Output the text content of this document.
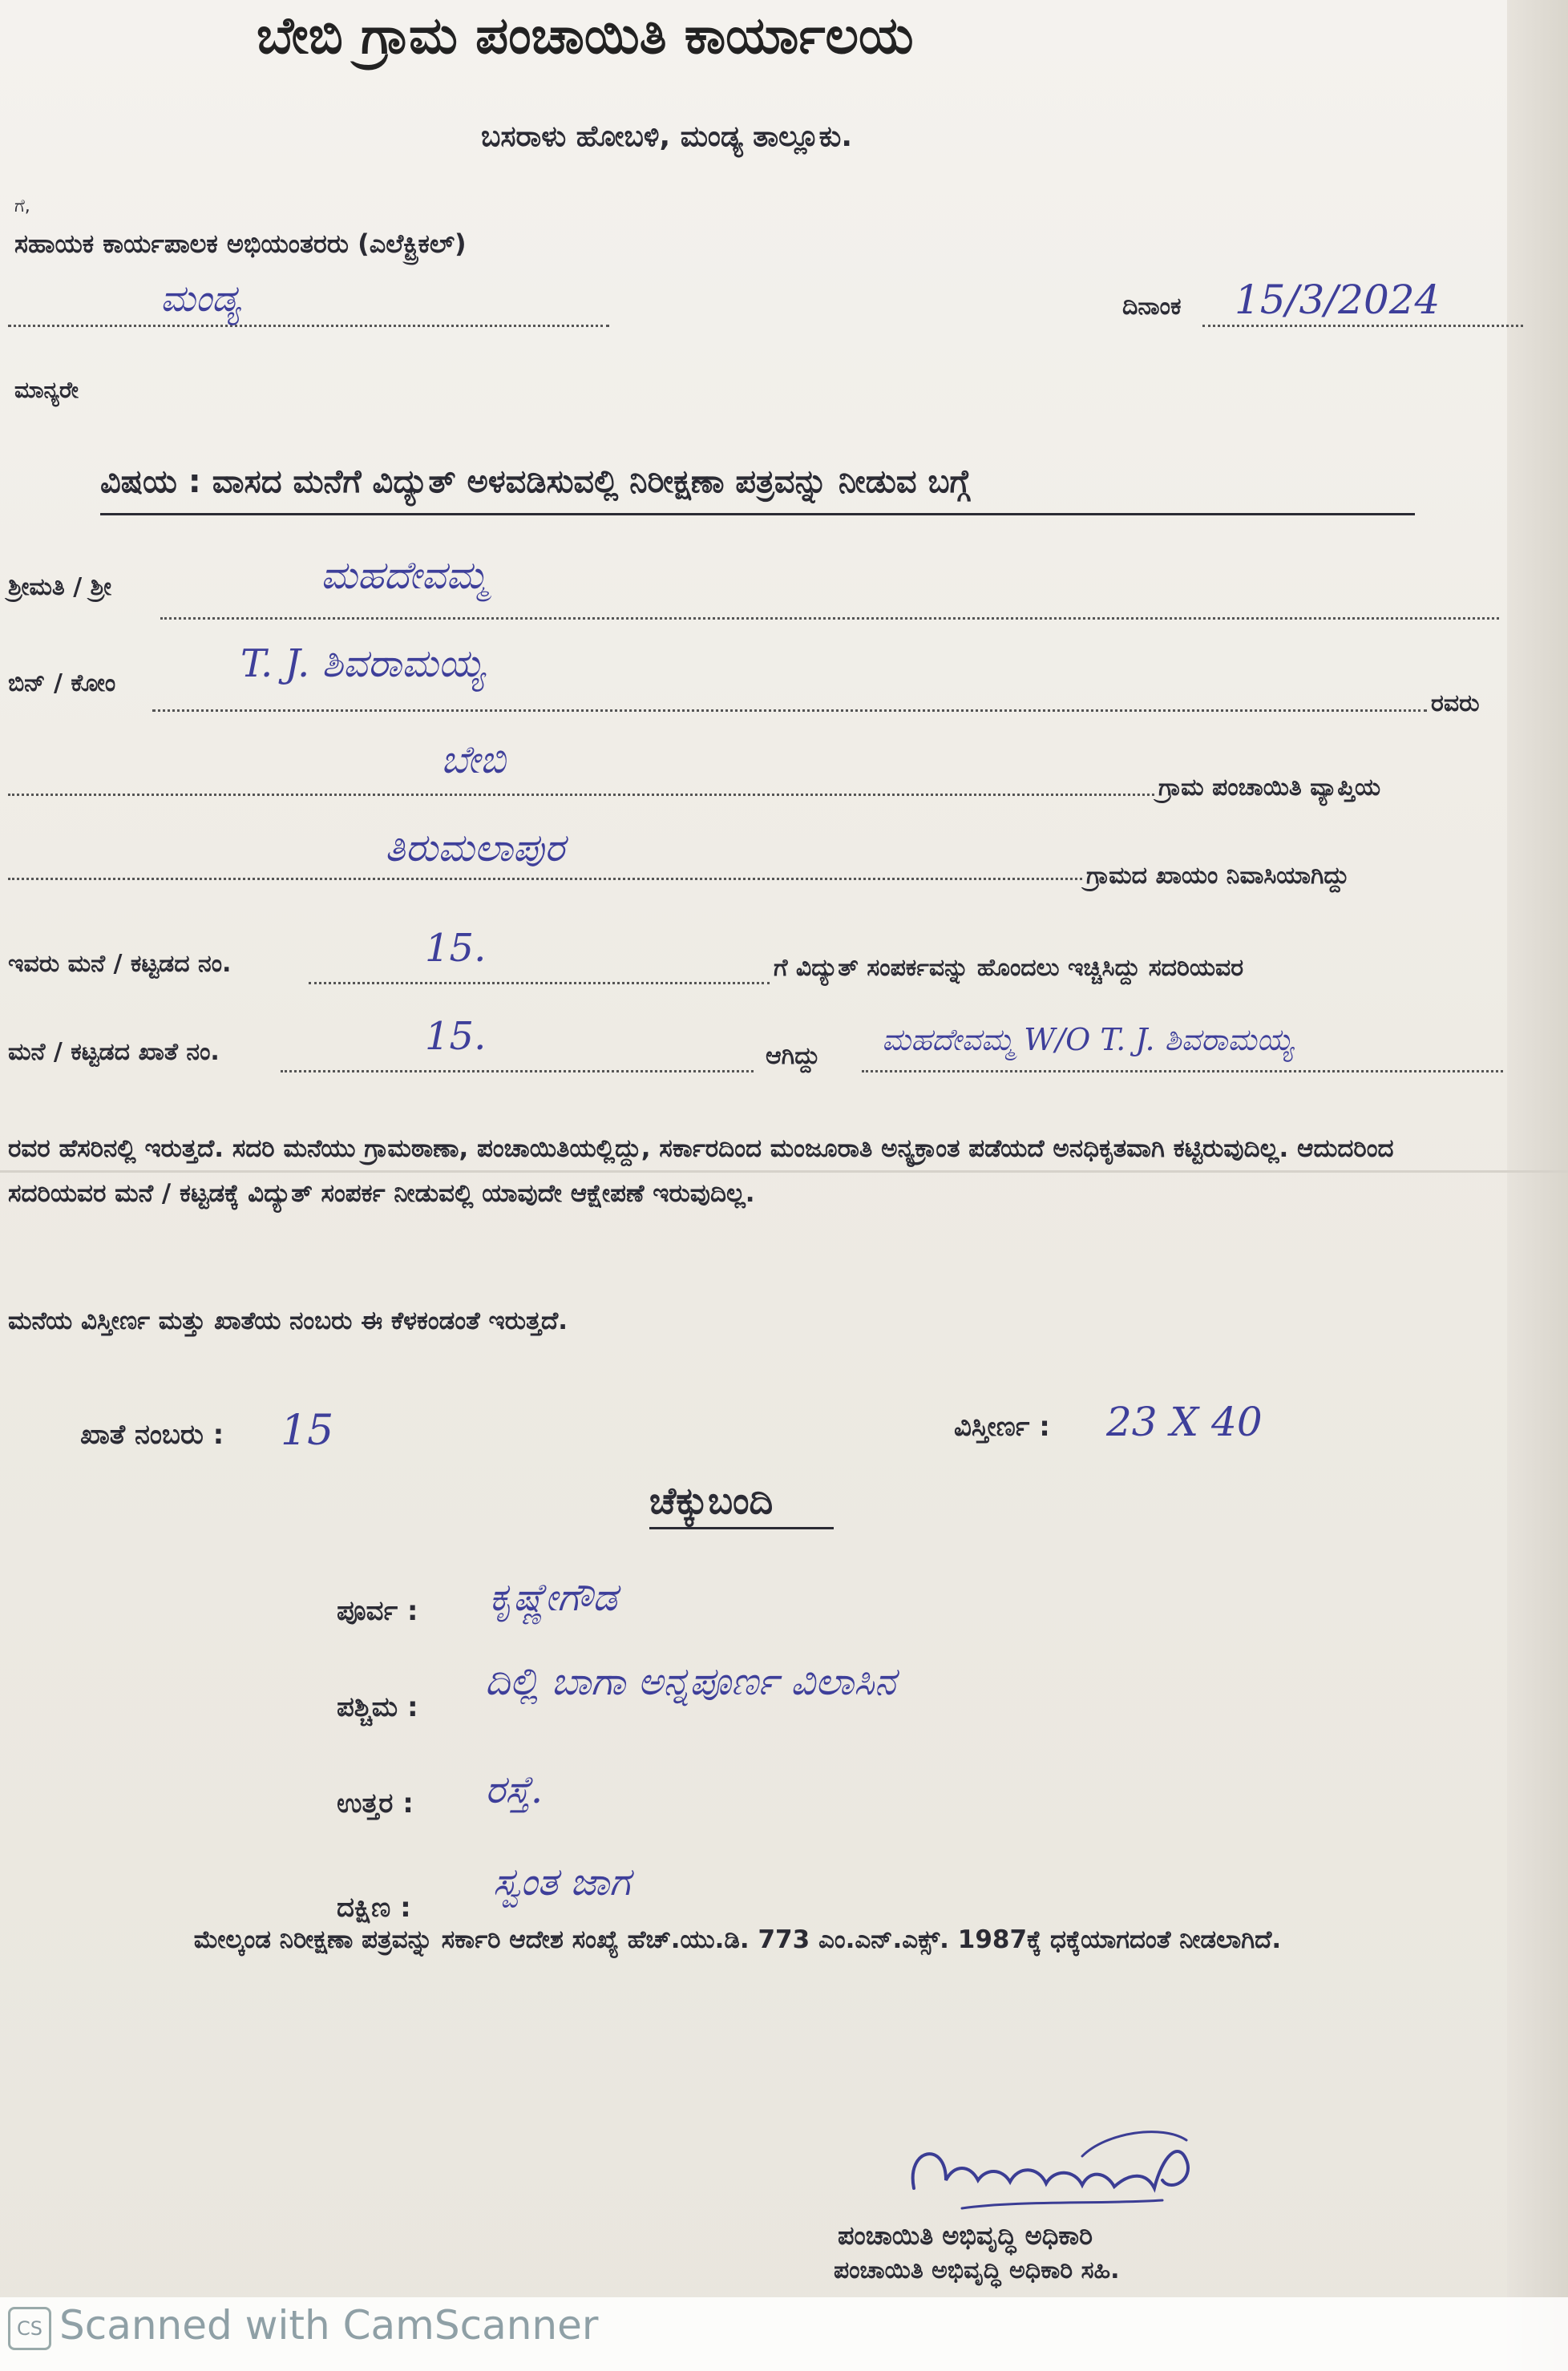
ಬೇಬಿ ಗ್ರಾಮ ಪಂಚಾಯಿತಿ ಕಾರ್ಯಾಲಯ
ಬಸರಾಳು ಹೋಬಳಿ, ಮಂಡ್ಯ ತಾಲ್ಲೂಕು.
ಗೆ,
ಸಹಾಯಕ ಕಾರ್ಯಪಾಲಕ ಅಭಿಯಂತರರು (ಎಲೆಕ್ಟ್ರಿಕಲ್)
ಮಂಡ್ಯ	ದಿನಾಂಕ 15/3/2024
ಮಾನ್ಯರೇ
ವಿಷಯ : ವಾಸದ ಮನೆಗೆ ವಿದ್ಯುತ್ ಅಳವಡಿಸುವಲ್ಲಿ ನಿರೀಕ್ಷಣಾ ಪತ್ರವನ್ನು ನೀಡುವ ಬಗ್ಗೆ
ಶ್ರೀಮತಿ / ಶ್ರೀ	ಮಹದೇವಮ್ಮ
ಬಿನ್ / ಕೋಂ	T. J. ಶಿವರಾಮಯ್ಯ
ರವರು
ಬೇಬಿ
ಗ್ರಾಮ ಪಂಚಾಯಿತಿ ವ್ಯಾಪ್ತಿಯ
ತಿರುಮಲಾಪುರ
ಗ್ರಾಮದ ಖಾಯಂ ನಿವಾಸಿಯಾಗಿದ್ದು
ಇವರು ಮನೆ / ಕಟ್ಟಡದ ನಂ.	15.	ಗೆ ವಿದ್ಯುತ್ ಸಂಪರ್ಕವನ್ನು ಹೊಂದಲು ಇಚ್ಚಿಸಿದ್ದು ಸದರಿಯವರ
ಮನೆ / ಕಟ್ಟಡದ ಖಾತೆ ನಂ.	15.	ಆಗಿದ್ದು ಮಹದೇವಮ್ಮ W/O T. J. ಶಿವರಾಮಯ್ಯ
ರವರ ಹೆಸರಿನಲ್ಲಿ ಇರುತ್ತದೆ. ಸದರಿ ಮನೆಯು ಗ್ರಾಮಠಾಣಾ, ಪಂಚಾಯಿತಿಯಲ್ಲಿದ್ದು, ಸರ್ಕಾರದಿಂದ ಮಂಜೂರಾತಿ ಅನ್ಯಕ್ರಾಂತ ಪಡೆಯದೆ ಅನಧಿಕೃತವಾಗಿ ಕಟ್ಟಿರುವುದಿಲ್ಲ. ಆದುದರಿಂದ ಸದರಿಯವರ ಮನೆ / ಕಟ್ಟಡಕ್ಕೆ ವಿದ್ಯುತ್ ಸಂಪರ್ಕ ನೀಡುವಲ್ಲಿ ಯಾವುದೇ ಆಕ್ಷೇಪಣೆ ಇರುವುದಿಲ್ಲ.
ಮನೆಯ ವಿಸ್ತೀರ್ಣ ಮತ್ತು ಖಾತೆಯ ನಂಬರು ಈ ಕೆಳಕಂಡಂತೆ ಇರುತ್ತದೆ.
ಖಾತೆ ನಂಬರು : 15	ವಿಸ್ತೀರ್ಣ : 23 X 40
ಚೆಕ್ಕುಬಂದಿ
ಪೂರ್ವ : ಕೃಷ್ಣೇಗೌಡ
ಪಶ್ಚಿಮ :
ದಿಲ್ಲಿ ಬಾಗಾ ಅನ್ನಪೂರ್ಣ ವಿಲಾಸಿನ
ಉತ್ತರ : ರಸ್ತೆ.
ದಕ್ಷಿಣ :
ಸ್ವಂತ ಜಾಗ
ಮೇಲ್ಕಂಡ ನಿರೀಕ್ಷಣಾ ಪತ್ರವನ್ನು ಸರ್ಕಾರಿ ಆದೇಶ ಸಂಖ್ಯೆ ಹೆಚ್.ಯು.ಡಿ. 773 ಎಂ.ಎನ್.ಎಕ್ಸ್. 1987ಕ್ಕೆ ಧಕ್ಕೆಯಾಗದಂತೆ ನೀಡಲಾಗಿದೆ.
ಪಂಚಾಯಿತಿ ಅಭಿವೃದ್ಧಿ ಅಧಿಕಾರಿ
ಪಂಚಾಯಿತಿ ಅಭಿವೃದ್ಧಿ ಅಧಿಕಾರಿ ಸಹಿ.
CS Scanned with CamScanner
